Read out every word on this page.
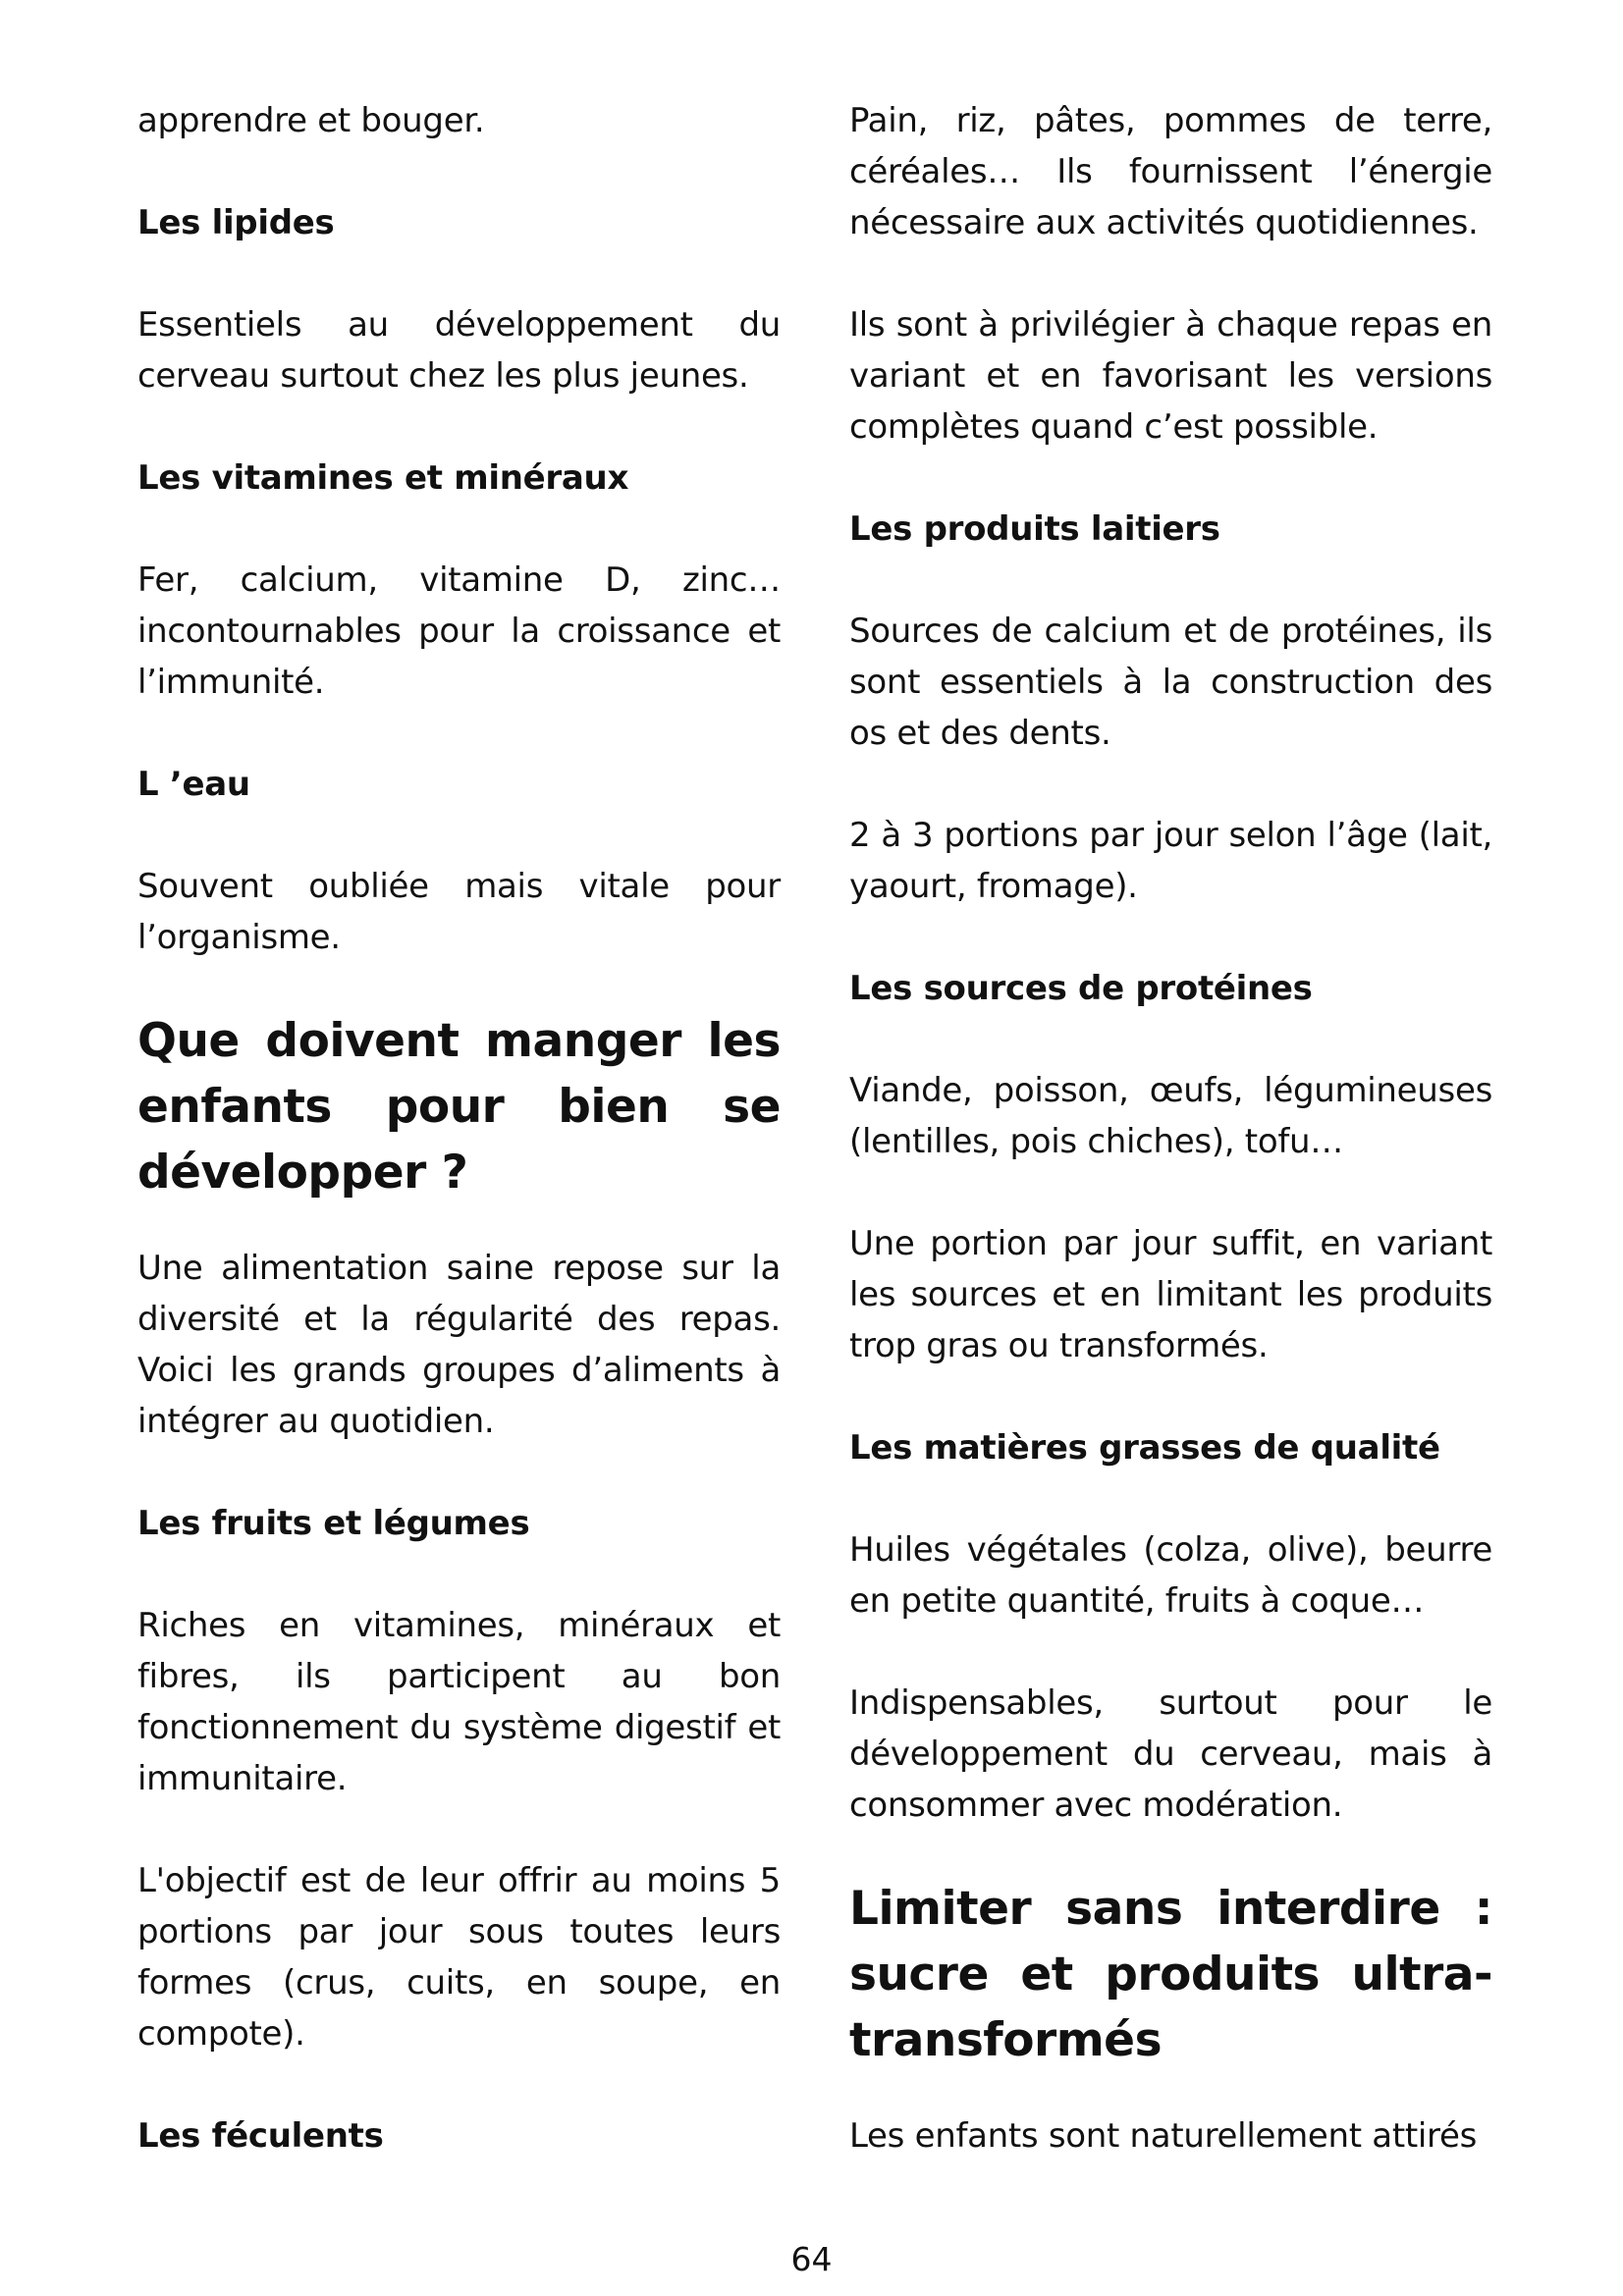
apprendre et bouger.

Les lipides

Essentiels au développement du cerveau surtout chez les plus jeunes.

Les vitamines et minéraux

Fer, calcium, vitamine D, zinc… incontournables pour la croissance et l’immunité.

L ’eau

Souvent oubliée mais vitale pour l’organisme.

Que doivent manger les enfants pour bien se développer ?

Une alimentation saine repose sur la diversité et la régularité des repas. Voici les grands groupes d’aliments à intégrer au quotidien.

Les fruits et légumes

Riches en vitamines, minéraux et fibres, ils participent au bon fonctionnement du système digestif et immunitaire.

L'objectif est de leur offrir au moins 5 portions par jour sous toutes leurs formes (crus, cuits, en soupe, en compote).

Les féculents

Pain, riz, pâtes, pommes de terre, céréales… Ils fournissent l’énergie nécessaire aux activités quotidiennes.

Ils sont à privilégier à chaque repas en variant et en favorisant les versions complètes quand c’est possible.

Les produits laitiers

Sources de calcium et de protéines, ils sont essentiels à la construction des os et des dents.

2 à 3 portions par jour selon l’âge (lait, yaourt, fromage).

Les sources de protéines

Viande, poisson, œufs, légumineuses (lentilles, pois chiches), tofu…

Une portion par jour suffit, en variant les sources et en limitant les produits trop gras ou transformés.

Les matières grasses de qualité

Huiles végétales (colza, olive), beurre en petite quantité, fruits à coque…

Indispensables, surtout pour le développement du cerveau, mais à consommer avec modération.

Limiter sans interdire : sucre et produits ultra-transformés

Les enfants sont naturellement attirés

64
